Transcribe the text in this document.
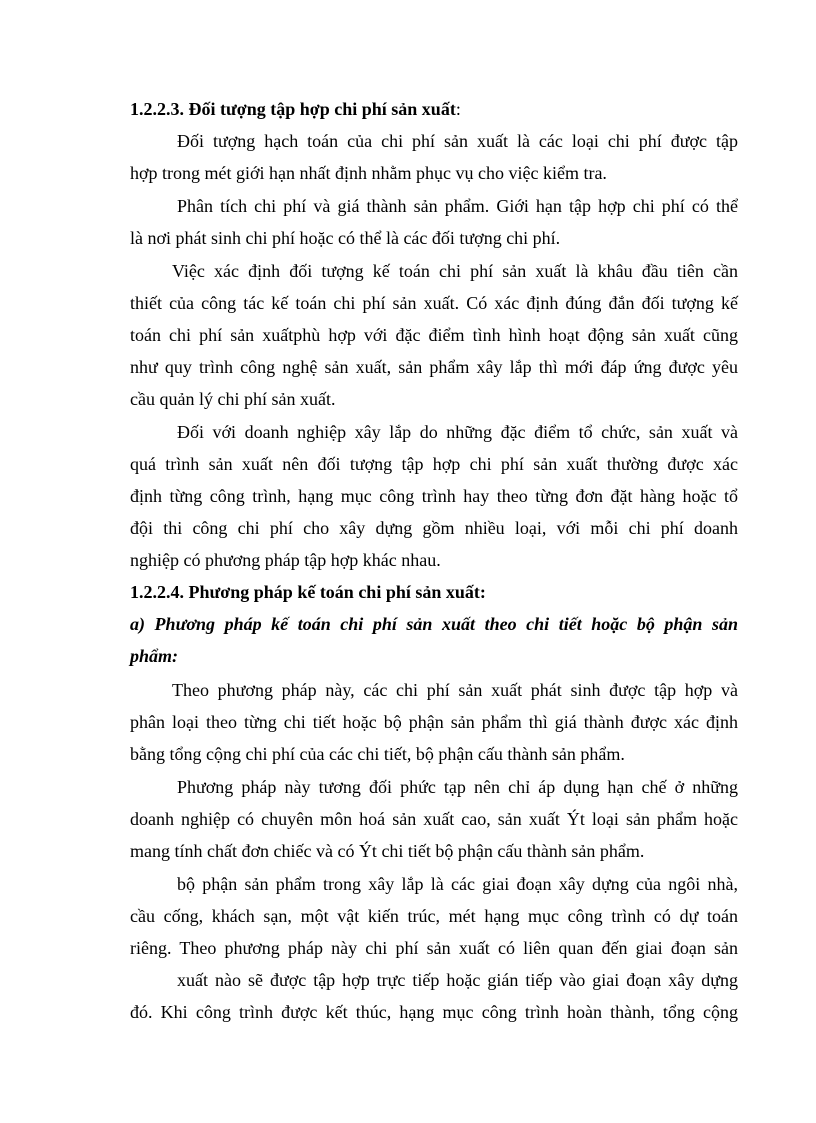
1.2.2.3. Đối tượng tập hợp chi phí sản xuất:

Đối tượng hạch toán của chi phí sản xuất là các loại chi phí được tập

hợp trong mét giới hạn nhất định nhằm phục vụ cho việc kiểm tra.

Phân tích chi phí và giá thành sản phẩm. Giới hạn tập hợp chi phí có thể

là nơi phát sinh chi phí hoặc có thể là các đối tượng chi phí.

Việc xác định đối tượng kế toán chi phí sản xuất là khâu đầu tiên cần

thiết của công tác kế toán chi phí sản xuất. Có xác định đúng đắn đối tượng kế

toán chi phí sản xuấtphù hợp với đặc điểm tình hình hoạt động sản xuất cũng

như quy trình công nghệ sản xuất, sản phẩm xây lắp thì mới đáp ứng được yêu

cầu quản lý chi phí sản xuất.

Đối với doanh nghiệp xây lắp do những đặc điểm tổ chức, sản xuất và

quá trình sản xuất nên đối tượng tập hợp chi phí sản xuất thường được xác

định từng công trình, hạng mục công trình hay theo từng đơn đặt hàng hoặc tổ

đội thi công chi phí cho xây dựng gồm nhiều loại, với mỗi chi phí doanh

nghiệp có phương pháp tập hợp khác nhau.

1.2.2.4. Phương pháp kế toán chi phí sản xuất:

a) Phương pháp kế toán chi phí sản xuất theo chi tiết hoặc bộ phận sản

phẩm:

Theo phương pháp này, các chi phí sản xuất phát sinh được tập hợp và

phân loại theo từng chi tiết hoặc bộ phận sản phẩm thì giá thành được xác định

bằng tổng cộng chi phí của các chi tiết, bộ phận cấu thành sản phẩm.

Phương pháp này tương đối phức tạp nên chỉ áp dụng hạn chế ở những

doanh nghiệp có chuyên môn hoá sản xuất cao, sản xuất Ýt loại sản phẩm hoặc

mang tính chất đơn chiếc và có Ýt chi tiết bộ phận cấu thành sản phẩm.

bộ phận sản phẩm trong xây lắp là các giai đoạn xây dựng của ngôi nhà,

cầu cống, khách sạn, một vật kiến trúc, mét hạng mục công trình có dự toán

riêng. Theo phương pháp này chi phí sản xuất có liên quan đến giai đoạn sản

xuất nào sẽ được tập hợp trực tiếp hoặc gián tiếp vào giai đoạn xây dựng

đó. Khi công trình được kết thúc, hạng mục công trình hoàn thành, tổng cộng
